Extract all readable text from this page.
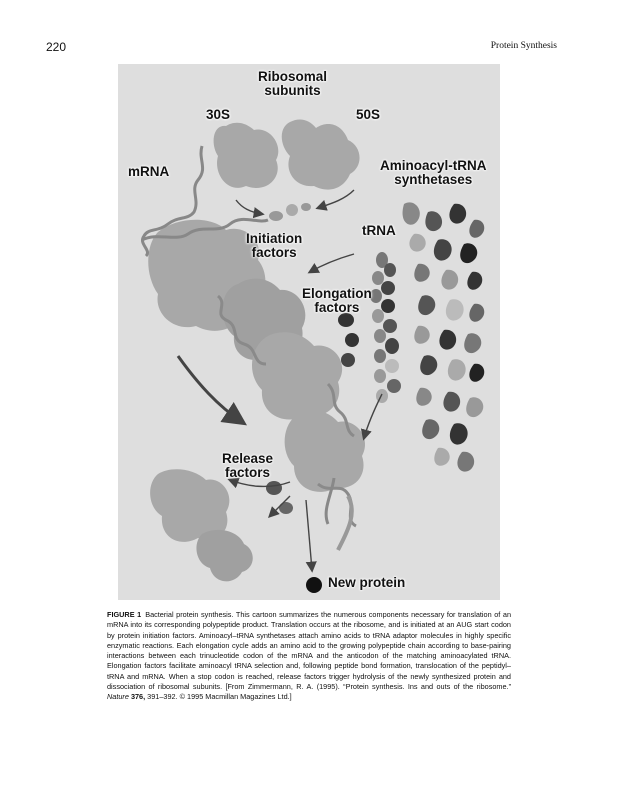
220	Protein Synthesis
Ribosomal
subunits
30S	50S
mRNA	Aminoacyl-tRNA
synthetases
tRNA
Initiation
factors
Elongation
factors
Release
factors
New protein
FIGURE 1 Bacterial protein synthesis. This cartoon summarizes the numerous components necessary for translation of an mRNA into its corresponding polypeptide product. Translation occurs at the ribosome, and is initiated at an AUG start codon by protein initiation factors. Aminoacyl–tRNA synthetases attach amino acids to tRNA adaptor molecules in highly specific enzymatic reactions. Each elongation cycle adds an amino acid to the growing polypeptide chain according to base-pairing interactions between each trinucleotide codon of the mRNA and the anticodon of the matching aminoacylated tRNA. Elongation factors facilitate aminoacyl tRNA selection and, following peptide bond formation, translocation of the peptidyl–tRNA and mRNA. When a stop codon is reached, release factors trigger hydrolysis of the newly synthesized protein and dissociation of ribosomal subunits. [From Zimmermann, R. A. (1995). “Protein synthesis. Ins and outs of the ribosome.” Nature 376, 391–392. © 1995 Macmillan Magazines Ltd.]
